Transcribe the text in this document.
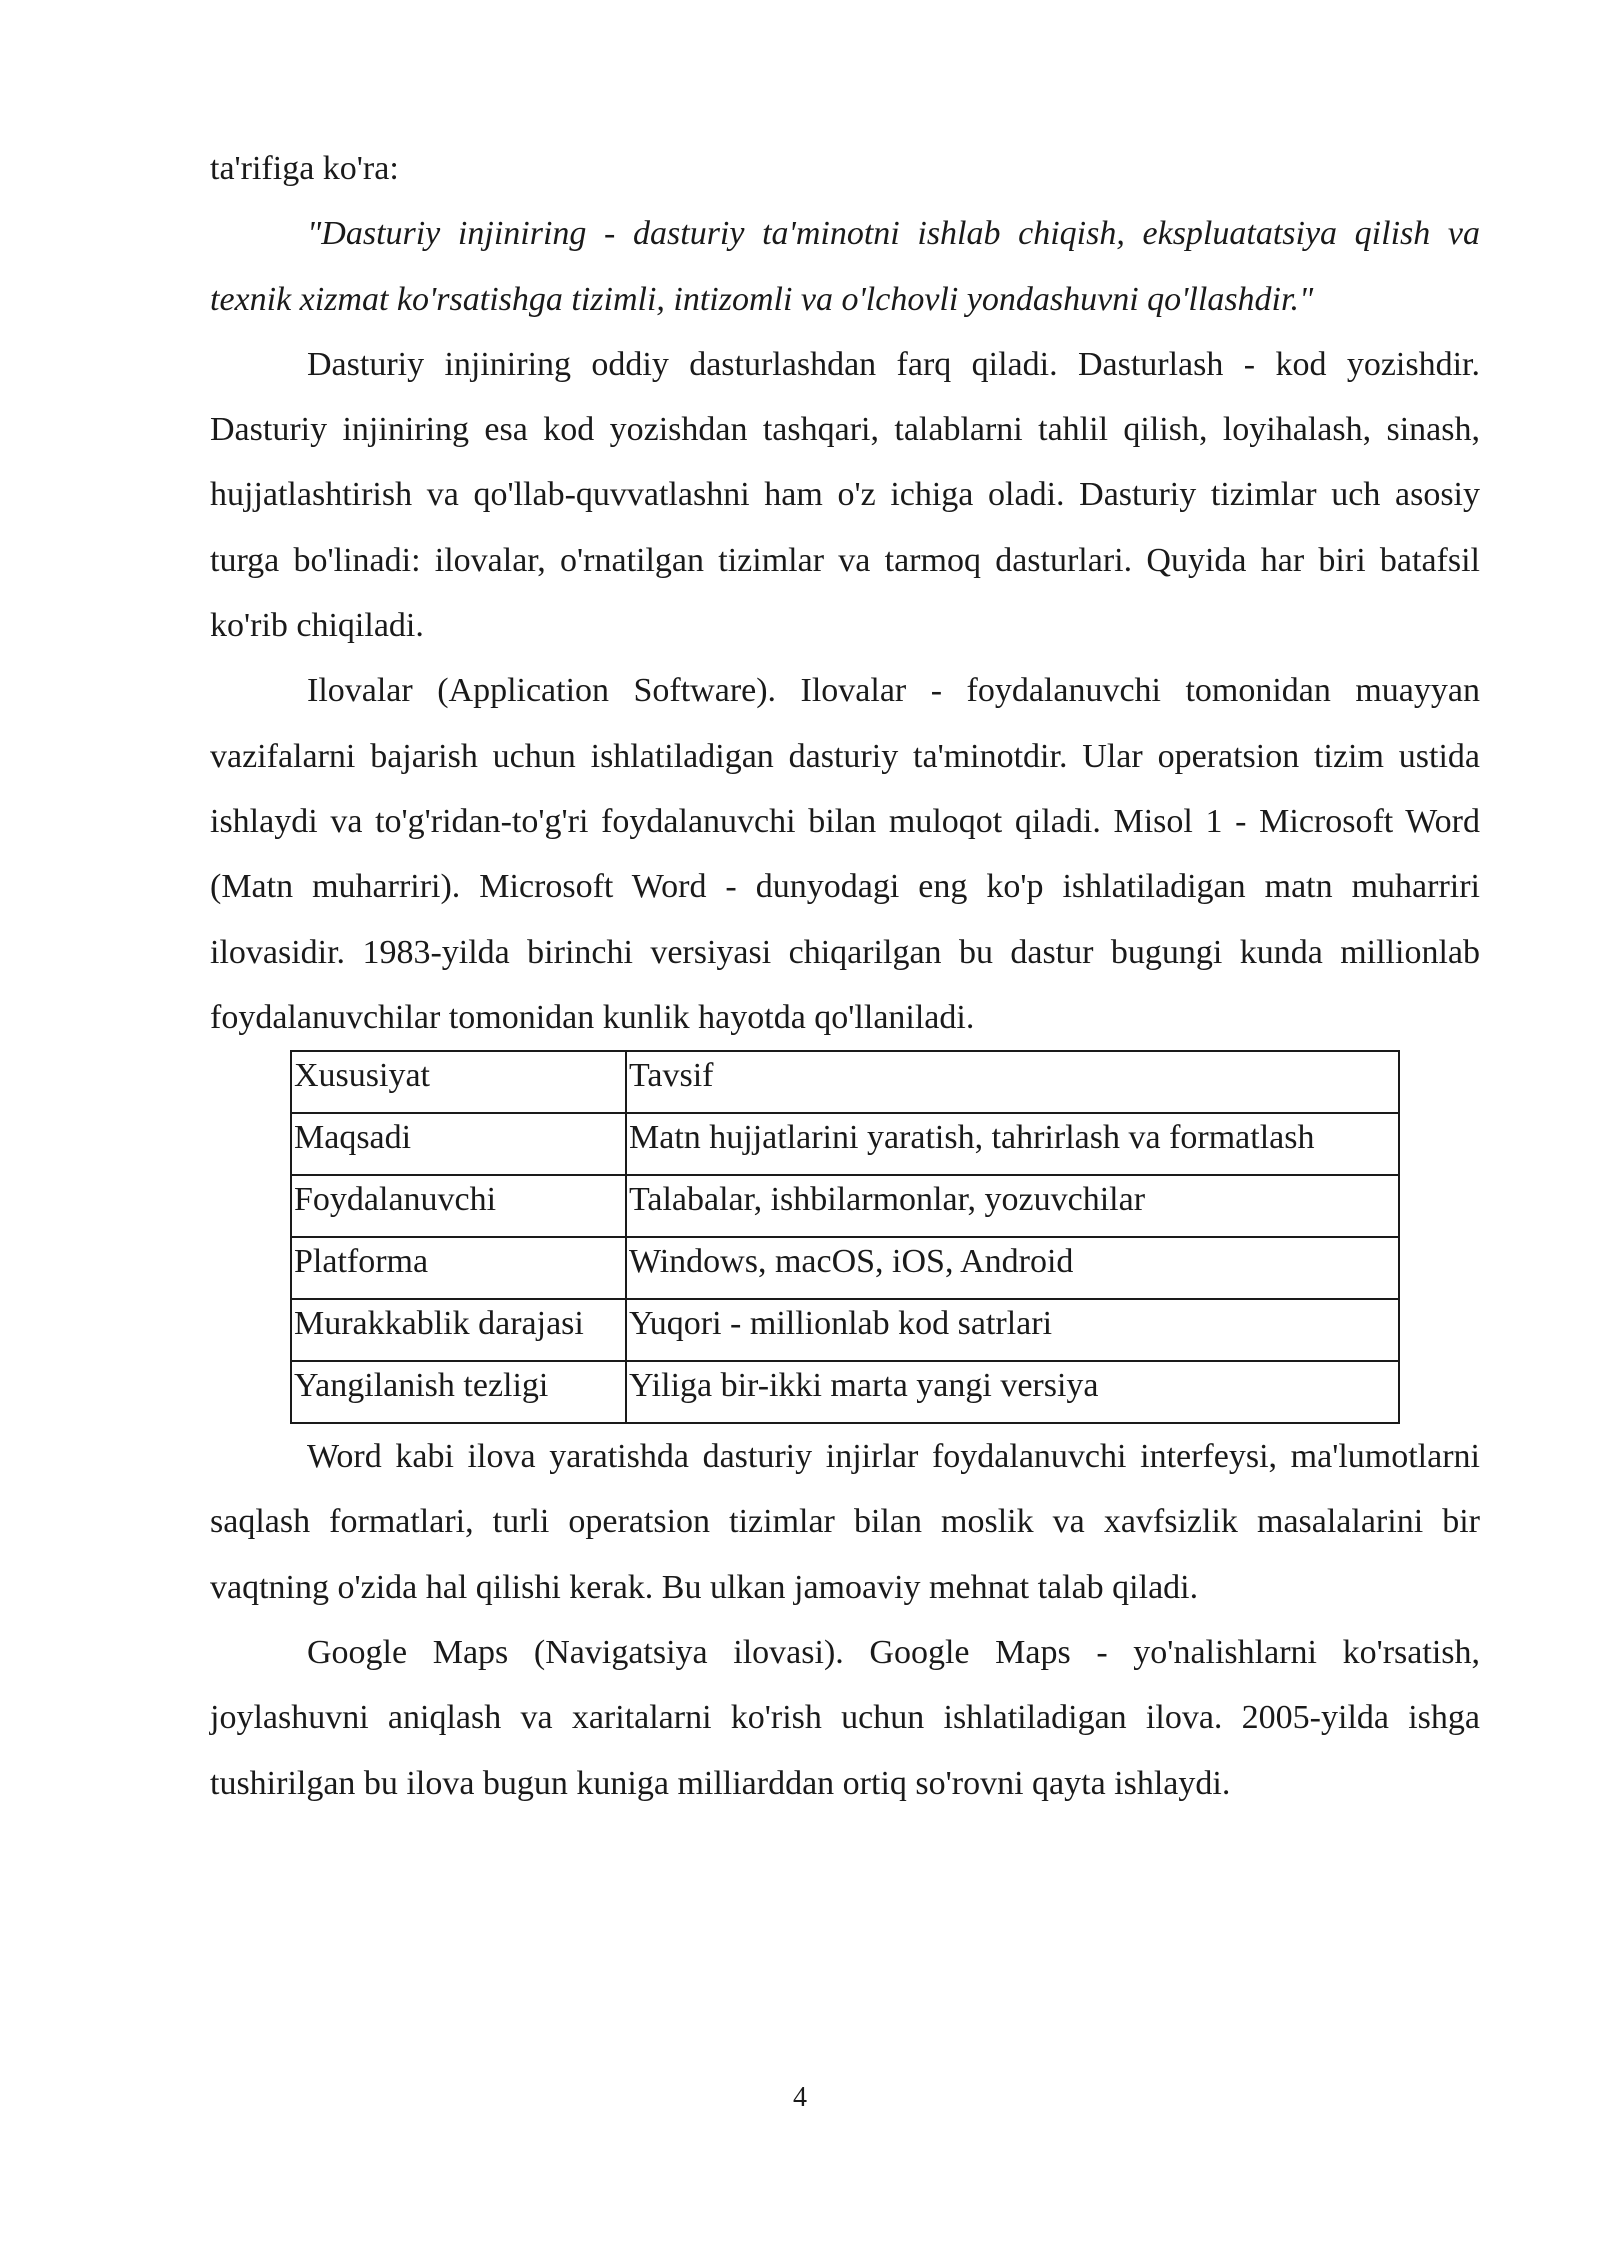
ta'rifiga ko'ra:

"Dasturiy injiniring - dasturiy ta'minotni ishlab chiqish, ekspluatatsiya qilish va texnik xizmat ko'rsatishga tizimli, intizomli va o'lchovli yondashuvni qo'llashdir."

Dasturiy injiniring oddiy dasturlashdan farq qiladi. Dasturlash - kod yozishdir. Dasturiy injiniring esa kod yozishdan tashqari, talablarni tahlil qilish, loyihalash, sinash, hujjatlashtirish va qo'llab-quvvatlashni ham o'z ichiga oladi. Dasturiy tizimlar uch asosiy turga bo'linadi: ilovalar, o'rnatilgan tizimlar va tarmoq dasturlari. Quyida har biri batafsil ko'rib chiqiladi.

Ilovalar (Application Software). Ilovalar - foydalanuvchi tomonidan muayyan vazifalarni bajarish uchun ishlatiladigan dasturiy ta'minotdir. Ular operatsion tizim ustida ishlaydi va to'g'ridan-to'g'ri foydalanuvchi bilan muloqot qiladi. Misol 1 - Microsoft Word (Matn muharriri). Microsoft Word - dunyodagi eng ko'p ishlatiladigan matn muharriri ilovasidir. 1983-yilda birinchi versiyasi chiqarilgan bu dastur bugungi kunda millionlab foydalanuvchilar tomonidan kunlik hayotda qo'llaniladi.

Xususiyat	Tavsif
Maqsadi	Matn hujjatlarini yaratish, tahrirlash va formatlash
Foydalanuvchi	Talabalar, ishbilarmonlar, yozuvchilar
Platforma	Windows, macOS, iOS, Android
Murakkablik darajasi	Yuqori - millionlab kod satrlari
Yangilanish tezligi	Yiliga bir-ikki marta yangi versiya

Word kabi ilova yaratishda dasturiy injirlar foydalanuvchi interfeysi, ma'lumotlarni saqlash formatlari, turli operatsion tizimlar bilan moslik va xavfsizlik masalalarini bir vaqtning o'zida hal qilishi kerak. Bu ulkan jamoaviy mehnat talab qiladi.

Google Maps (Navigatsiya ilovasi). Google Maps - yo'nalishlarni ko'rsatish, joylashuvni aniqlash va xaritalarni ko'rish uchun ishlatiladigan ilova. 2005-yilda ishga tushirilgan bu ilova bugun kuniga milliarddan ortiq so'rovni qayta ishlaydi.

4
